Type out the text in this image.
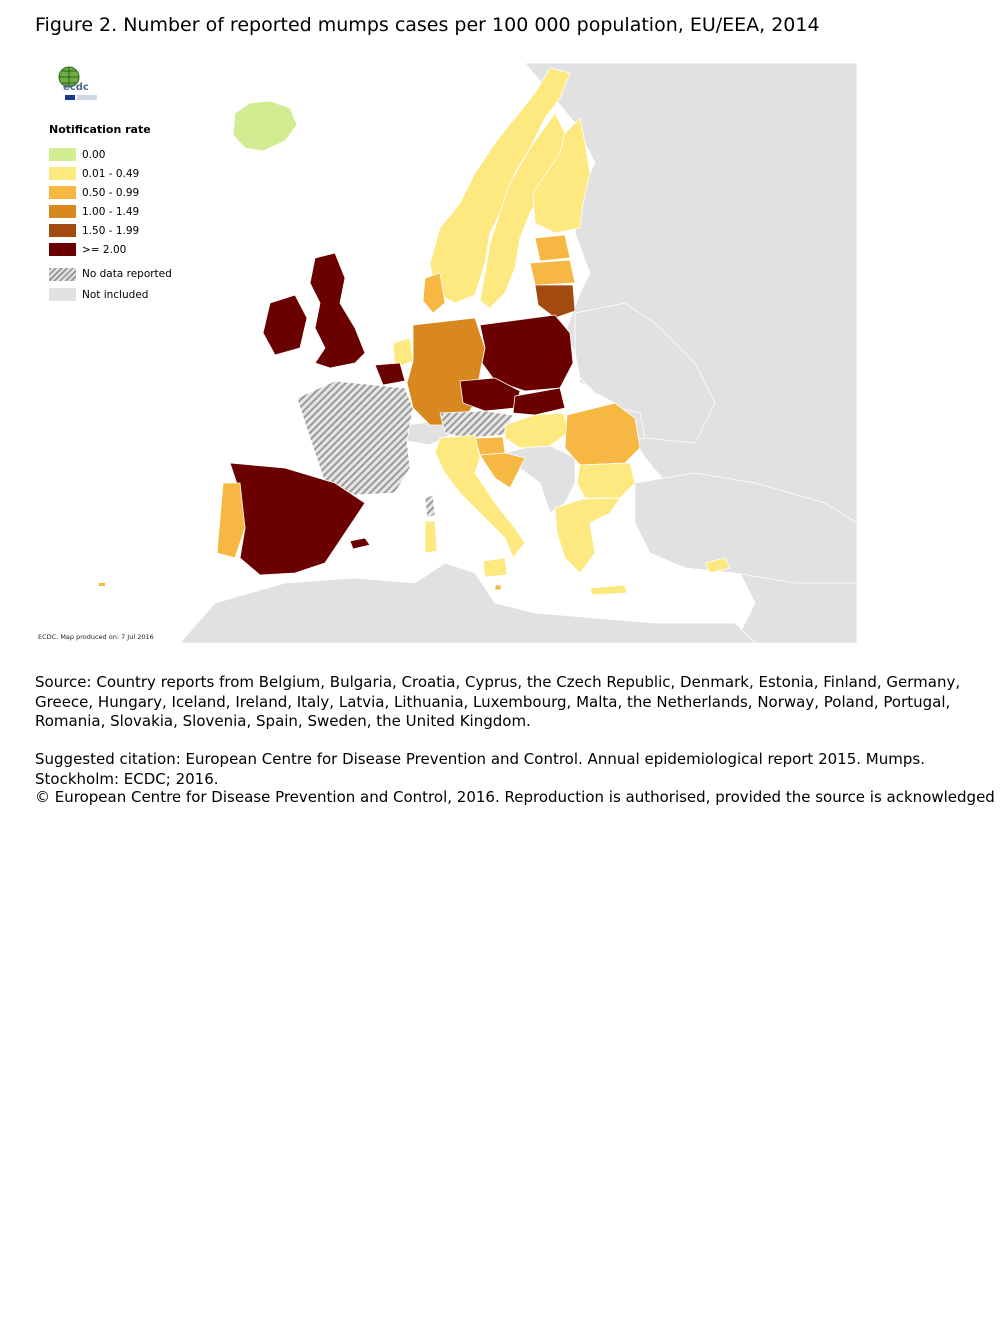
Figure 2. Number of reported mumps cases per 100 000 population, EU/EEA, 2014
ecdc
Notification rate
0.00
0.01 - 0.49
0.50 - 0.99
1.00 - 1.49
1.50 - 1.99
>= 2.00
No data reported
Not included
ECDC. Map produced on: 7 Jul 2016
Source: Country reports from Belgium, Bulgaria, Croatia, Cyprus, the Czech Republic, Denmark, Estonia, Finland, Germany, Greece, Hungary, Iceland, Ireland, Italy, Latvia, Lithuania, Luxembourg, Malta, the Netherlands, Norway, Poland, Portugal, Romania, Slovakia, Slovenia, Spain, Sweden, the United Kingdom.
Suggested citation: European Centre for Disease Prevention and Control. Annual epidemiological report 2015. Mumps. Stockholm: ECDC; 2016.
© European Centre for Disease Prevention and Control, 2016. Reproduction is authorised, provided the source is acknowledged
